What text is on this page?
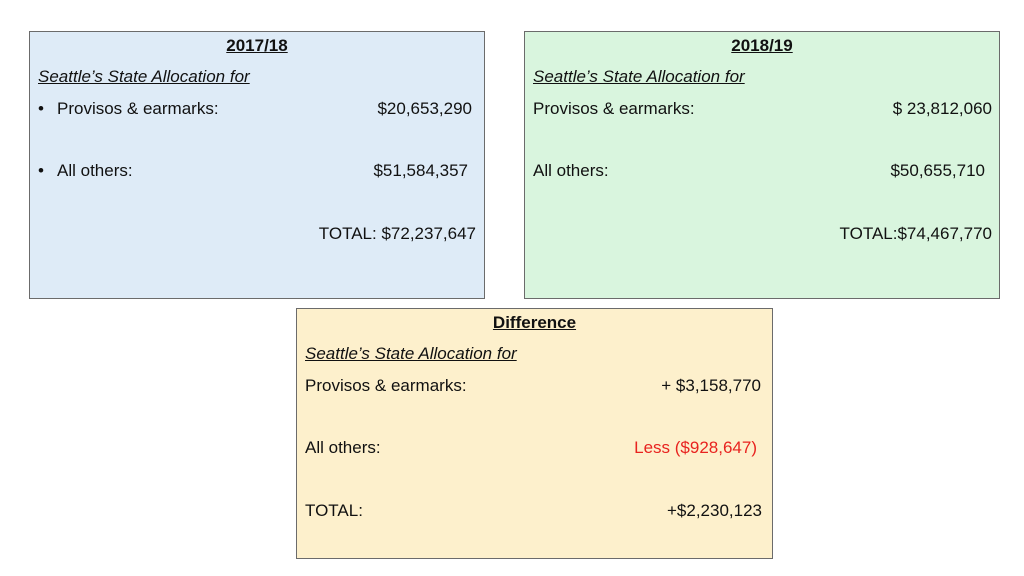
2017/18
Seattle’s State Allocation for
• Provisos & earmarks:	$20,653,290
• All others:	$51,584,357
TOTAL: $72,237,647
2018/19
Seattle’s State Allocation for
Provisos & earmarks:	$ 23,812,060
All others:	$50,655,710
TOTAL:$74,467,770
Difference
Seattle’s State Allocation for
Provisos & earmarks:	+ $3,158,770
All others:	Less ($928,647)
TOTAL:	+$2,230,123
